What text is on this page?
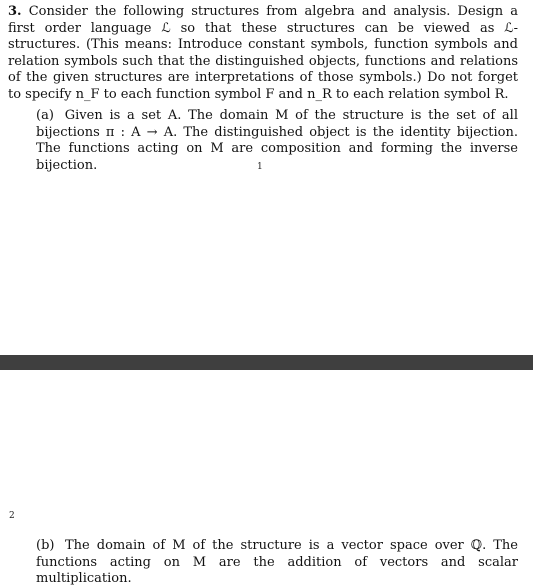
3. Consider the following structures from algebra and analysis. Design a first order language ℒ so that these structures can be viewed as ℒ-structures. (This means: Introduce constant symbols, function symbols and relation symbols such that the distinguished objects, functions and relations of the given structures are interpretations of those symbols.) Do not forget to specify n_F to each function symbol F and n_R to each relation symbol R.
(a) Given is a set A. The domain M of the structure is the set of all bijections π : A → A. The distinguished object is the identity bijection. The functions acting on M are composition and forming the inverse bijection.	1
2
(b) The domain of M of the structure is a vector space over ℚ. The functions acting on M are the addition of vectors and scalar multiplication.
